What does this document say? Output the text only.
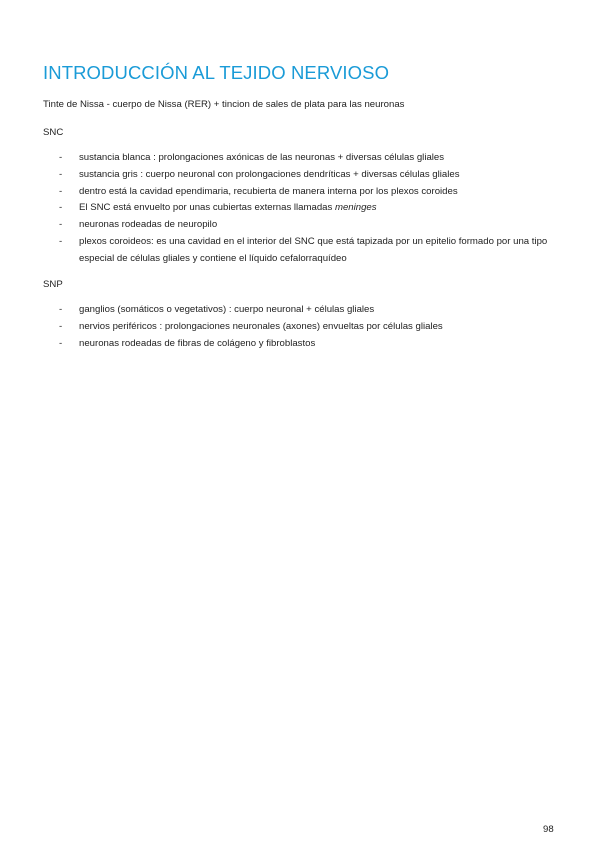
INTRODUCCIÓN AL TEJIDO NERVIOSO

Tinte de Nissa - cuerpo de Nissa (RER) + tincion de sales de plata para las neuronas

SNC

- sustancia blanca : prolongaciones axónicas de las neuronas + diversas células gliales
- sustancia gris : cuerpo neuronal con prolongaciones dendríticas + diversas células gliales
- dentro está la cavidad ependimaria, recubierta de manera interna por los plexos coroides
- El SNC está envuelto por unas cubiertas externas llamadas meninges
- neuronas rodeadas de neuropilo
- plexos coroideos: es una cavidad en el interior del SNC que está tapizada por un epitelio formado por una tipo especial de células gliales y contiene el líquido cefalorraquídeo

SNP

- ganglios (somáticos o vegetativos) : cuerpo neuronal + células gliales
- nervios periféricos : prolongaciones neuronales (axones) envueltas por células gliales
- neuronas rodeadas de fibras de colágeno y fibroblastos
98
